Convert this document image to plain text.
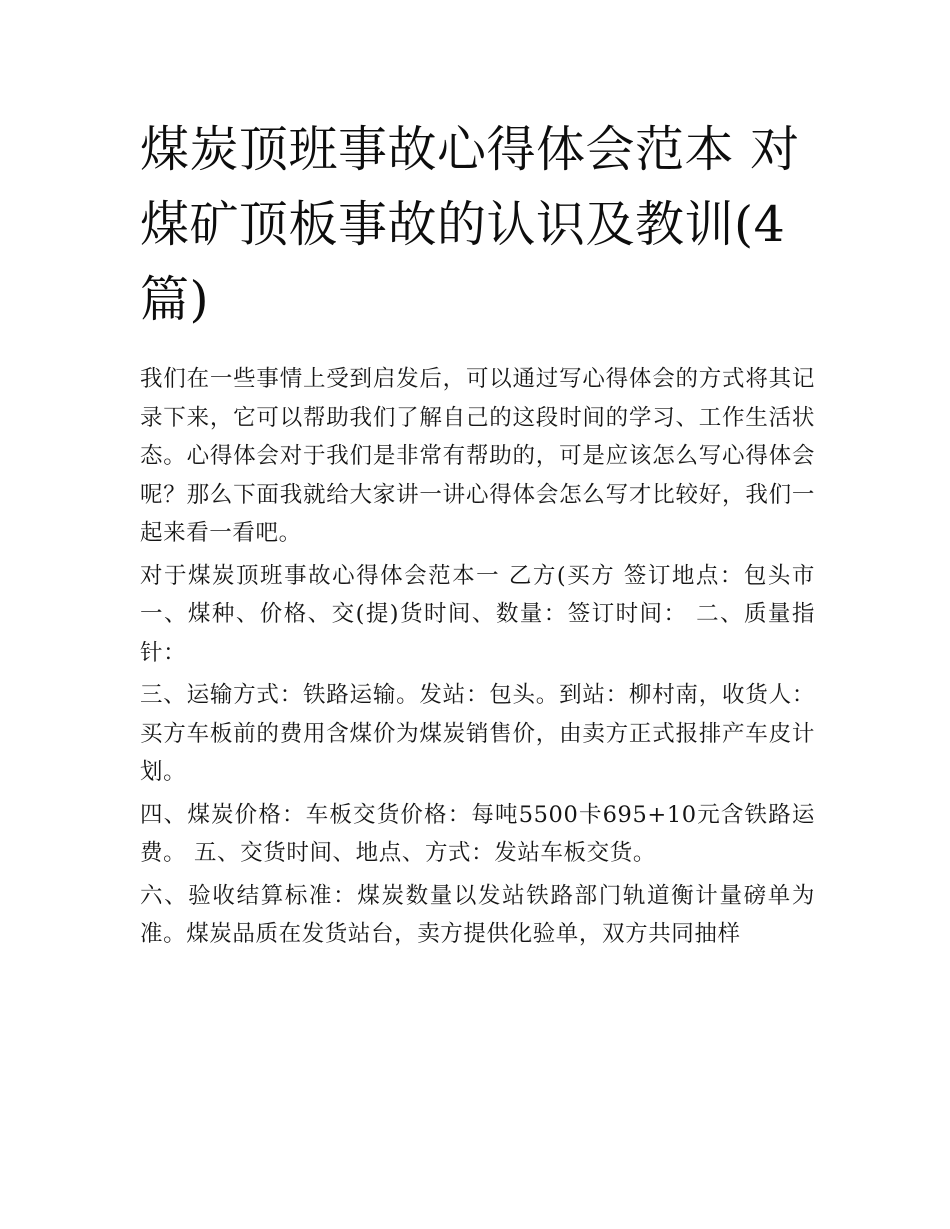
煤炭顶班事故心得体会范本 对煤矿顶板事故的认识及教训(4篇)

我们在一些事情上受到启发后，可以通过写心得体会的方式将其记录下来，它可以帮助我们了解自己的这段时间的学习、工作生活状态。心得体会对于我们是非常有帮助的，可是应该怎么写心得体会呢？那么下面我就给大家讲一讲心得体会怎么写才比较好，我们一起来看一看吧。

对于煤炭顶班事故心得体会范本一 乙方(买方 签订地点：包头市 一、煤种、价格、交(提)货时间、数量：签订时间： 二、质量指针：

三、运输方式：铁路运输。发站：包头。到站：柳村南，收货人：买方车板前的费用含煤价为煤炭销售价，由卖方正式报排产车皮计划。

四、煤炭价格：车板交货价格：每吨5500卡695+10元含铁路运费。 五、交货时间、地点、方式：发站车板交货。

六、验收结算标准：煤炭数量以发站铁路部门轨道衡计量磅单为准。煤炭品质在发货站台，卖方提供化验单，双方共同抽样
